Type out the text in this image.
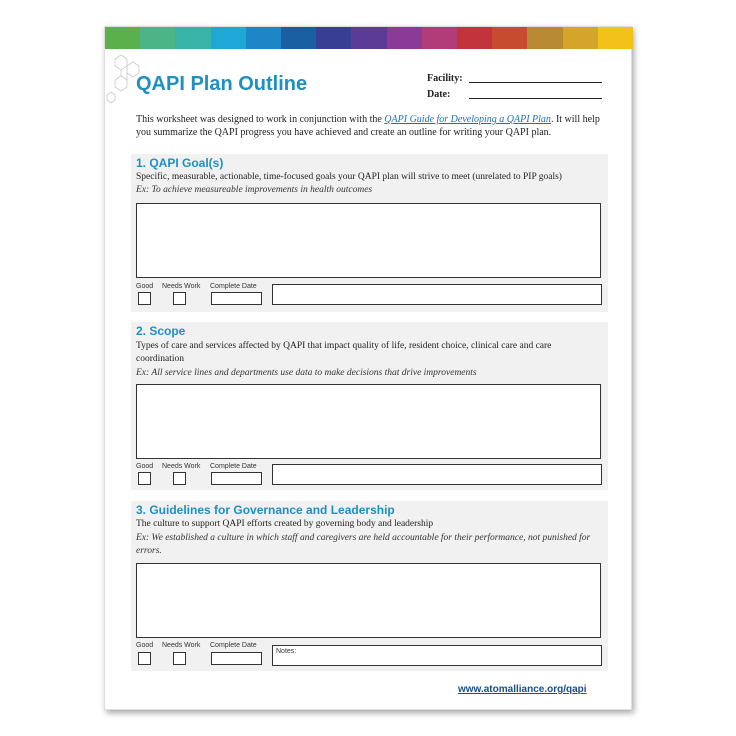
QAPI Plan Outline	Facility:
Date:
This worksheet was designed to work in conjunction with the QAPI Guide for Developing a QAPI Plan. It will help you summarize the QAPI progress you have achieved and create an outline for writing your QAPI plan.
1. QAPI Goal(s)
Specific, measurable, actionable, time-focused goals your QAPI plan will strive to meet (unrelated to PIP goals)
Ex: To achieve measureable improvements in health outcomes
Good Needs Work Complete Date
2. Scope
Types of care and services affected by QAPI that impact quality of life, resident choice, clinical care and care coordination
Ex: All service lines and departments use data to make decisions that drive improvements
Good Needs Work Complete Date
3. Guidelines for Governance and Leadership
The culture to support QAPI efforts created by governing body and leadership
Ex: We established a culture in which staff and caregivers are held accountable for their performance, not punished for errors.
Good Needs Work Complete Date
Notes:
www.atomalliance.org/qapi
